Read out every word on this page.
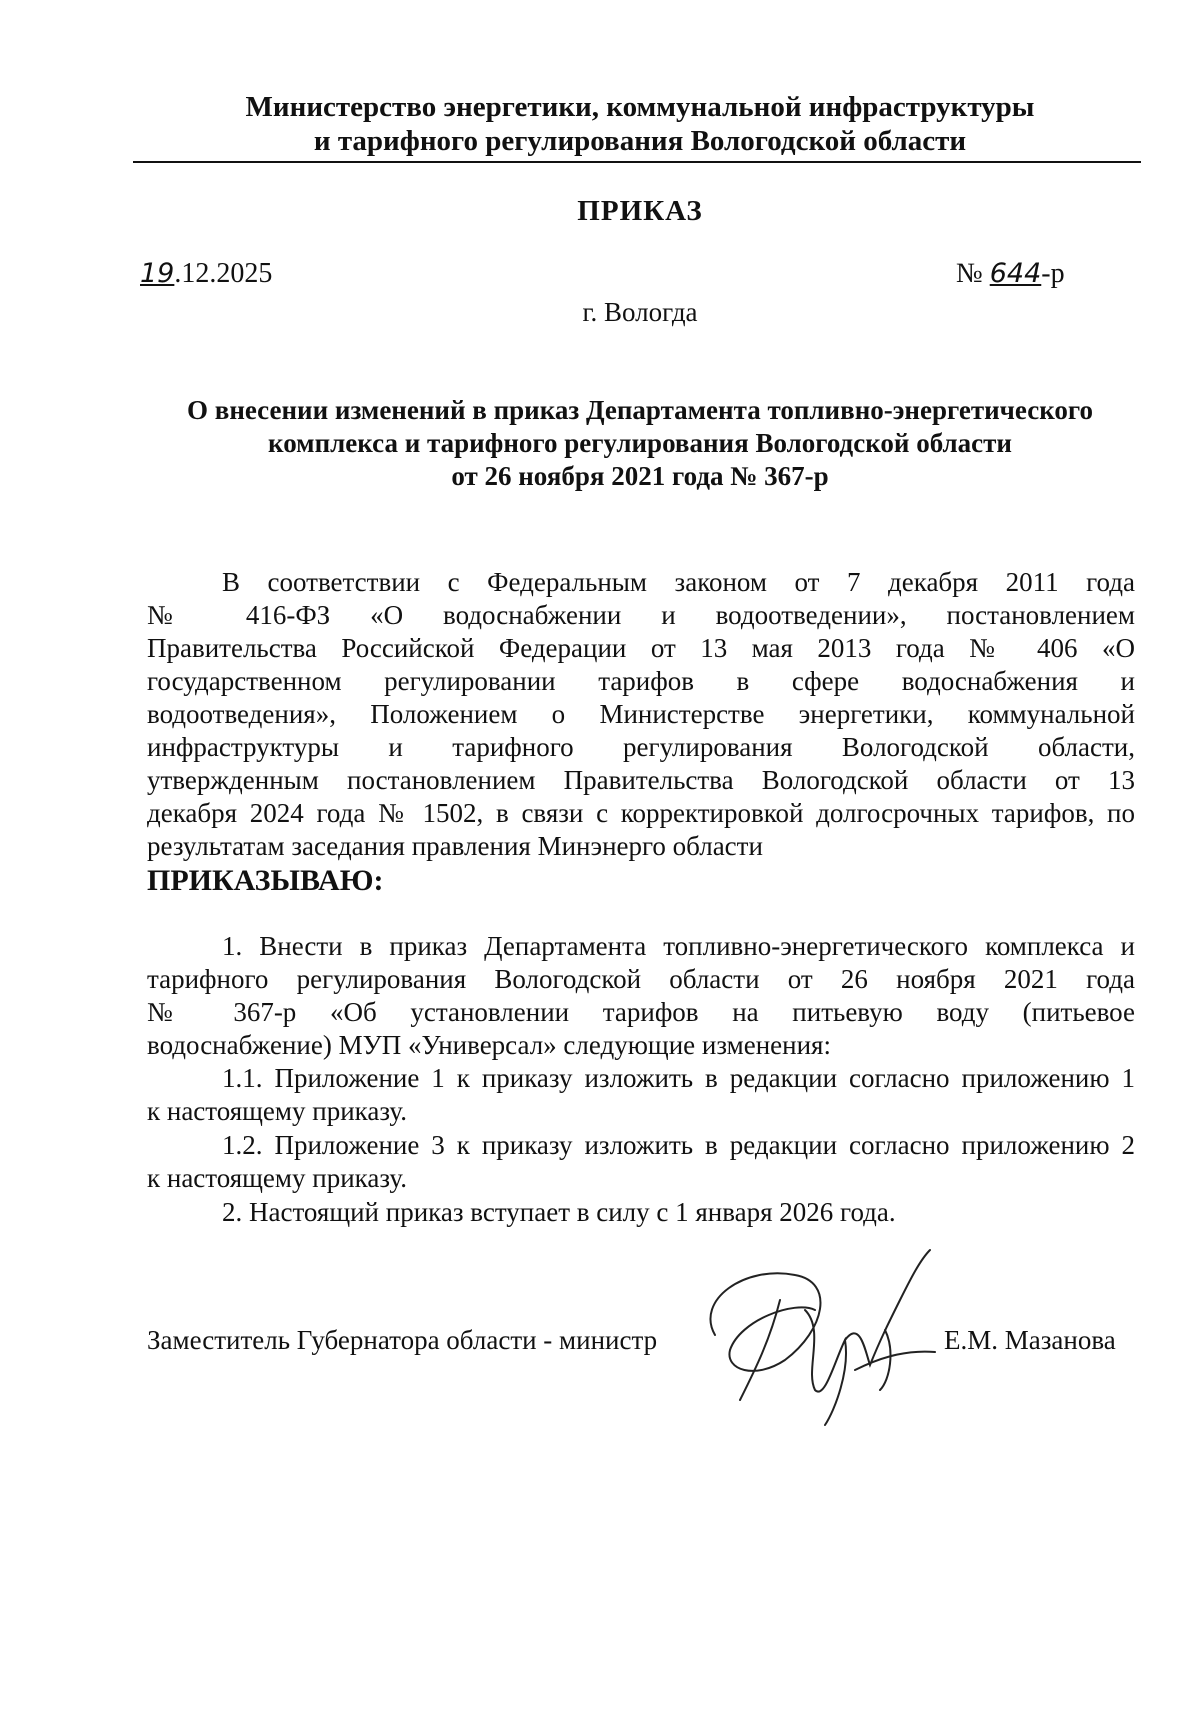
Министерство энергетики, коммунальной инфраструктуры
и тарифного регулирования Вологодской области
ПРИКАЗ
19.12.2025	№ 644-р
г. Вологда
О внесении изменений в приказ Департамента топливно-энергетического
комплекса и тарифного регулирования Вологодской области
от 26 ноября 2021 года № 367-р
В соответствии с Федеральным законом от 7 декабря 2011 года
№ 416-ФЗ «О водоснабжении и водоотведении», постановлением
Правительства Российской Федерации от 13 мая 2013 года № 406 «О
государственном регулировании тарифов в сфере водоснабжения и
водоотведения», Положением о Министерстве энергетики, коммунальной
инфраструктуры и тарифного регулирования Вологодской области,
утвержденным постановлением Правительства Вологодской области от 13
декабря 2024 года № 1502, в связи с корректировкой долгосрочных тарифов, по
результатам заседания правления Минэнерго области
ПРИКАЗЫВАЮ:
1. Внести в приказ Департамента топливно-энергетического комплекса и
тарифного регулирования Вологодской области от 26 ноября 2021 года
№ 367-р «Об установлении тарифов на питьевую воду (питьевое
водоснабжение) МУП «Универсал» следующие изменения:
1.1. Приложение 1 к приказу изложить в редакции согласно приложению 1
к настоящему приказу.
1.2. Приложение 3 к приказу изложить в редакции согласно приложению 2
к настоящему приказу.
2. Настоящий приказ вступает в силу с 1 января 2026 года.
Заместитель Губернатора области - министр	Е.М. Мазанова
